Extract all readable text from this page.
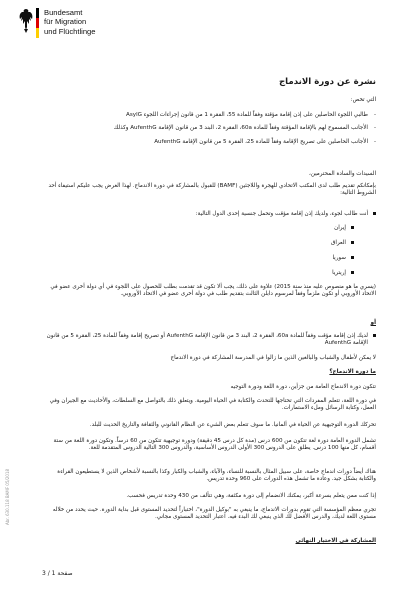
Bundesamt
für Migration
und Flüchtlinge
نشرة عن دورة الاندماج
التي تخص:
طالبي اللجوء الحاصلين على إذن إقامة مؤقتة وفقاً للمادة 55، الفقرة 1 من قانون إجراءات اللجوء AsylG -
الأجانب المسموح لهم بالإقامة المؤقتة وفقاً للمادة 60a، الفقرة 2، البند 3 من قانون الإقامة AufenthG وكذلك -
الأجانب الحاصلين على تصريح الإقامة وفقاً للمادة 25، الفقرة 5 من قانون الإقامة AufenthG -
السيدات والسادة المحترمين،
بإمكانكم تقديم طلب لدى المكتب الاتحادي للهجرة واللاجئين (BAMF) للقبول بالمشاركة في دورة الاندماج. لهذا الغرض يجب عليكم استيفاء أحد الشروط التالية:
أنت طالب لجوء، ولديك إذن إقامة مؤقت وتحمل جنسية إحدى الدول التالية:
إيران
العراق
سوريا
إريتريا
(يسري ما هو منصوص عليه منذ سنة 2015) علاوة على ذلك، يجب ألا تكون قد تقدمت بطلب للحصول على اللجوء في أي دولة أخرى عضو في الاتحاد الأوروبي أو تكون ملزماً وفقاً لمرسوم دابلن الثالث بتقديم طلب في دولة أخرى عضو في الاتحاد الأوروبي.
أو
لديك إذن إقامة مؤقت وفقاً للمادة 60a، الفقرة 2، البند 3 من قانون الإقامة AufenthG أو تصريح إقامة وفقاً للمادة 25، الفقرة 5 من قانون الإقامة AufenthG
لا يمكن لأطفال والشباب والبالغين الذين ما زالوا في المدرسة المشاركة في دورة الاندماج
ما دورة الاندماج؟
تتكون دورة الاندماج العامة من جزأين، دورة اللغة ودورة التوجيه
في دورة اللغة، تتعلم المفردات التي تحتاجها للتحدث والكتابة في الحياة اليومية. ويتعلق ذلك بالتواصل مع السلطات، والأحاديث مع الجيران وفي العمل، وكتابة الرسائل وملء الاستمارات.
تحركك الدورة التوجيهية عن الحياة في ألمانيا. ما سوف تتعلم بعض الشيء عن النظام القانوني والثقافة والتاريخ الحديث للبلد.
تشمل الدورة العامة دورة لغة تتكون من 600 درس (مدة كل درس 45 دقيقة) ودورة توجيهية تتكون من 60 درساً. وتكون دورة اللغة من ستة أقسام، كل منها 100 درس. يطلق على الدروس 300 الأولى الدروس الأساسية، والدروس 300 التالية الدروس المتقدمة للغة.
هناك أيضاً دورات اندماج خاصة، على سبيل المثال بالنسبة للنساء، والآباء، والشباب والكبار وكذا بالنسبة لأشخاص الذين لا يستطيعون القراءة والكتابة بشكل جيد. وعادة ما تشمل هذه الدورات على 960 وحدة تدريس.
إذا كنت ممن يتعلم بسرعة أكبر، يمكنك الانضمام إلى دورة مكثفة، وهي تتألف من 430 وحدة تدريس فحسب.
تجري معظم المؤسسة التي تقوم بدورات الاندماج، ما ينبغي به "بوكيل الدورة"، اختباراً لتحديد المستوى قبل بداية الدورة. حيث يحدد من خلاله مستوى اللغة لديك، والدرس الأفضل لك الذي ينبغي لك البدء فيه. اعتبار التحديد المستوى مجاني.
المشاركة في الاختبار النهائي
Abr. 630.118 BAMF 05/2018
صفحة 1 / 3
